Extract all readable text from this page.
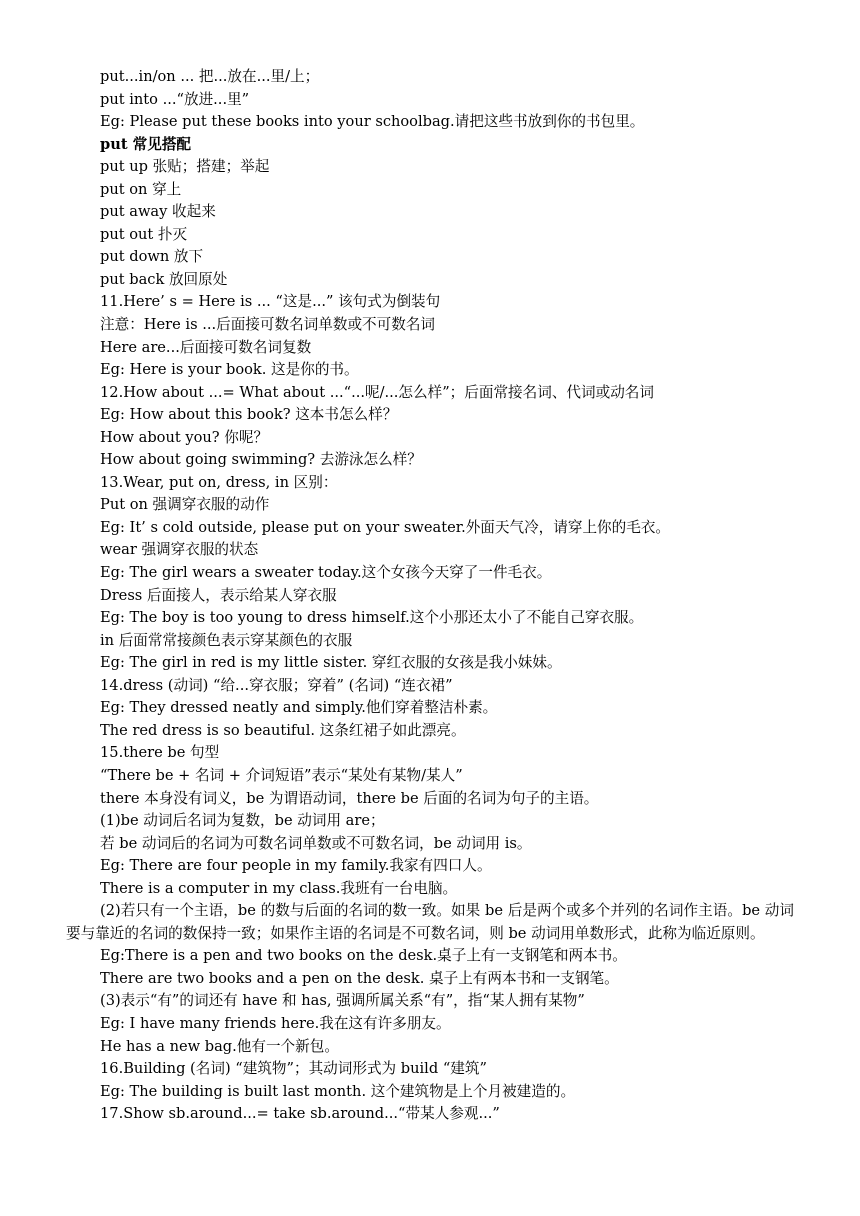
put...in/on ... 把...放在...里/上；
put into ...“放进...里”
Eg: Please put these books into your schoolbag.请把这些书放到你的书包里。
put 常见搭配
put up 张贴；搭建；举起
put on 穿上
put away 收起来
put out 扑灭
put down 放下
put back 放回原处
11.Here’ s = Here is ... “这是...” 该句式为倒装句
注意：Here is ...后面接可数名词单数或不可数名词
Here are...后面接可数名词复数
Eg: Here is your book. 这是你的书。
12.How about ...= What about ...“...呢/...怎么样”；后面常接名词、代词或动名词
Eg: How about this book? 这本书怎么样？
How about you? 你呢？
How about going swimming? 去游泳怎么样？
13.Wear, put on, dress, in 区别：
Put on 强调穿衣服的动作
Eg: It’ s cold outside, please put on your sweater.外面天气冷，请穿上你的毛衣。
wear 强调穿衣服的状态
Eg: The girl wears a sweater today.这个女孩今天穿了一件毛衣。
Dress 后面接人，表示给某人穿衣服
Eg: The boy is too young to dress himself.这个小那还太小了不能自己穿衣服。
in 后面常常接颜色表示穿某颜色的衣服
Eg: The girl in red is my little sister. 穿红衣服的女孩是我小妹妹。
14.dress (动词) “给...穿衣服；穿着” (名词) “连衣裙”
Eg: They dressed neatly and simply.他们穿着整洁朴素。
The red dress is so beautiful. 这条红裙子如此漂亮。
15.there be 句型
“There be + 名词 + 介词短语”表示“某处有某物/某人”
there 本身没有词义，be 为谓语动词，there be 后面的名词为句子的主语。
(1)be 动词后名词为复数，be 动词用 are；
若 be 动词后的名词为可数名词单数或不可数名词，be 动词用 is。
Eg: There are four people in my family.我家有四口人。
There is a computer in my class.我班有一台电脑。
(2)若只有一个主语，be 的数与后面的名词的数一致。如果 be 后是两个或多个并列的名词作主语。be 动词要与靠近的名词的数保持一致；如果作主语的名词是不可数名词，则 be 动词用单数形式，此称为临近原则。
Eg:There is a pen and two books on the desk.桌子上有一支钢笔和两本书。
There are two books and a pen on the desk. 桌子上有两本书和一支钢笔。
(3)表示“有”的词还有 have 和 has, 强调所属关系“有”，指“某人拥有某物”
Eg: I have many friends here.我在这有许多朋友。
He has a new bag.他有一个新包。
16.Building (名词) “建筑物”；其动词形式为 build “建筑”
Eg: The building is built last month. 这个建筑物是上个月被建造的。
17.Show sb.around...= take sb.around...“带某人参观...”
